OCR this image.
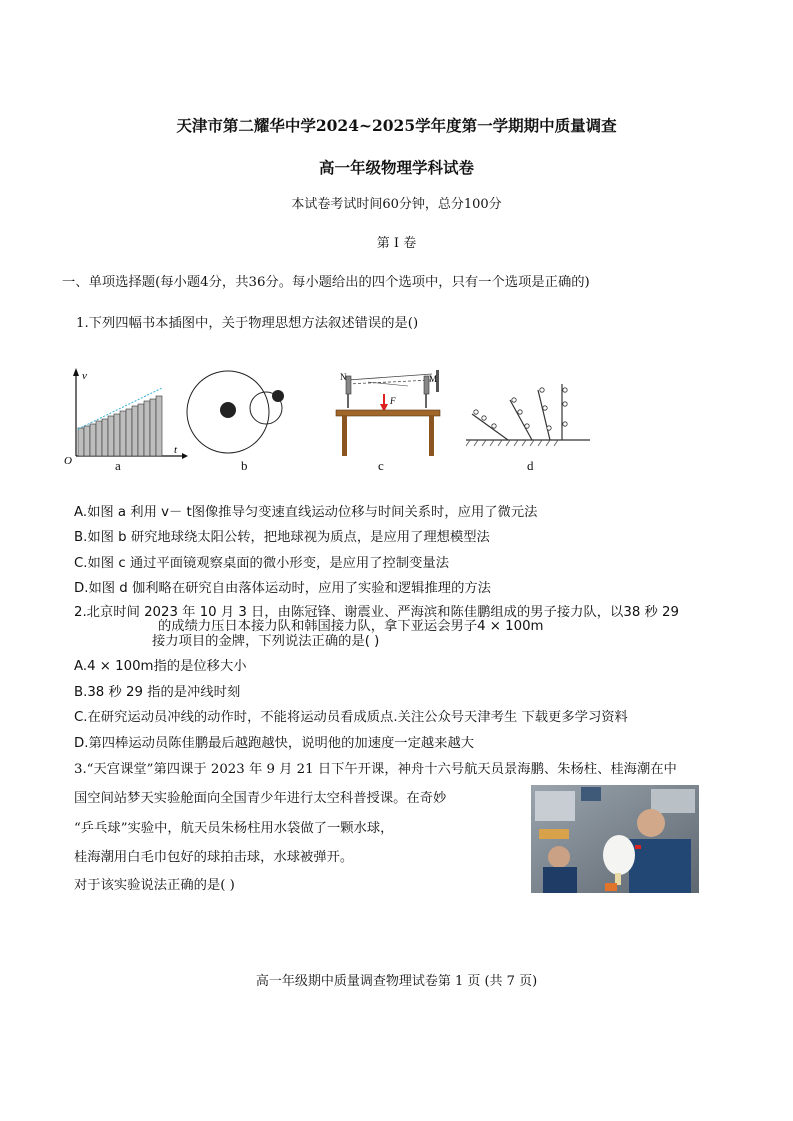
天津市第二耀华中学2024~2025学年度第一学期期中质量调查
高一年级物理学科试卷
本试卷考试时间60分钟，总分100分
第 Ⅰ 卷
一、单项选择题(每小题4分，共36分。每小题给出的四个选项中，只有一个选项是正确的)
1.下列四幅书本插图中，关于物理思想方法叙述错误的是()
v
t
O	a	b
N	M
F
c	d
A.如图 a 利用 v－ t图像推导匀变速直线运动位移与时间关系时，应用了微元法
B.如图 b 研究地球绕太阳公转，把地球视为质点，是应用了理想模型法
C.如图 c 通过平面镜观察桌面的微小形变，是应用了控制变量法
D.如图 d 伽利略在研究自由落体运动时，应用了实验和逻辑推理的方法
2.北京时间 2023 年 10 月 3 日，由陈冠锋、谢震业、严海滨和陈佳鹏组成的男子接力队，以38 秒 29
的成绩力压日本接力队和韩国接力队，拿下亚运会男子4 × 100m
接力项目的金牌，下列说法正确的是( )
A.4 × 100m指的是位移大小
B.38 秒 29 指的是冲线时刻
C.在研究运动员冲线的动作时，不能将运动员看成质点.关注公众号天津考生 下载更多学习资料
D.第四棒运动员陈佳鹏最后越跑越快，说明他的加速度一定越来越大
3.“天宫课堂”第四课于 2023 年 9 月 21 日下午开课，神舟十六号航天员景海鹏、朱杨柱、桂海潮在中
国空间站梦天实验舱面向全国青少年进行太空科普授课。在奇妙
“乒乓球”实验中，航天员朱杨柱用水袋做了一颗水球，
桂海潮用白毛巾包好的球拍击球，水球被弹开。
对于该实验说法正确的是( )
高一年级期中质量调查物理试卷第 1 页 (共 7 页)
